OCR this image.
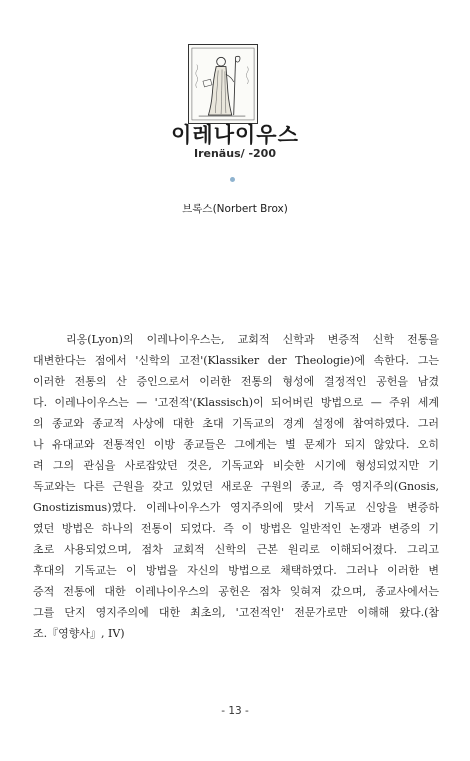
이레나이우스
Irenäus/ -200
브록스(Norbert Brox)
리옹(Lyon)의 이레나이우스는, 교회적 신학과 변증적 신학 전통을
대변한다는 점에서 '신학의 고전'(Klassiker der Theologie)에 속한다. 그는
이러한 전통의 산 증인으로서 이러한 전통의 형성에 결정적인 공헌을 남겼
다. 이레나이우스는 — '고전적'(Klassisch)이 되어버린 방법으로 — 주위 세계
의 종교와 종교적 사상에 대한 초대 기독교의 경계 설정에 참여하였다. 그러
나 유대교와 전통적인 이방 종교들은 그에게는 별 문제가 되지 않았다. 오히
려 그의 관심을 사로잡았던 것은, 기독교와 비슷한 시기에 형성되었지만 기
독교와는 다른 근원을 갖고 있었던 새로운 구원의 종교, 즉 영지주의(Gnosis,
Gnostizismus)였다. 이레나이우스가 영지주의에 맞서 기독교 신앙을 변증하
였던 방법은 하나의 전통이 되었다. 즉 이 방법은 일반적인 논쟁과 변증의 기
초로 사용되었으며, 점차 교회적 신학의 근본 원리로 이해되어졌다. 그리고
후대의 기독교는 이 방법을 자신의 방법으로 채택하였다. 그러나 이러한 변
증적 전통에 대한 이레나이우스의 공헌은 점차 잊혀져 갔으며, 종교사에서는
그를 단지 영지주의에 대한 최초의, '고전적인' 전문가로만 이해해 왔다.(참
조.『영향사』, IV)
- 13 -
